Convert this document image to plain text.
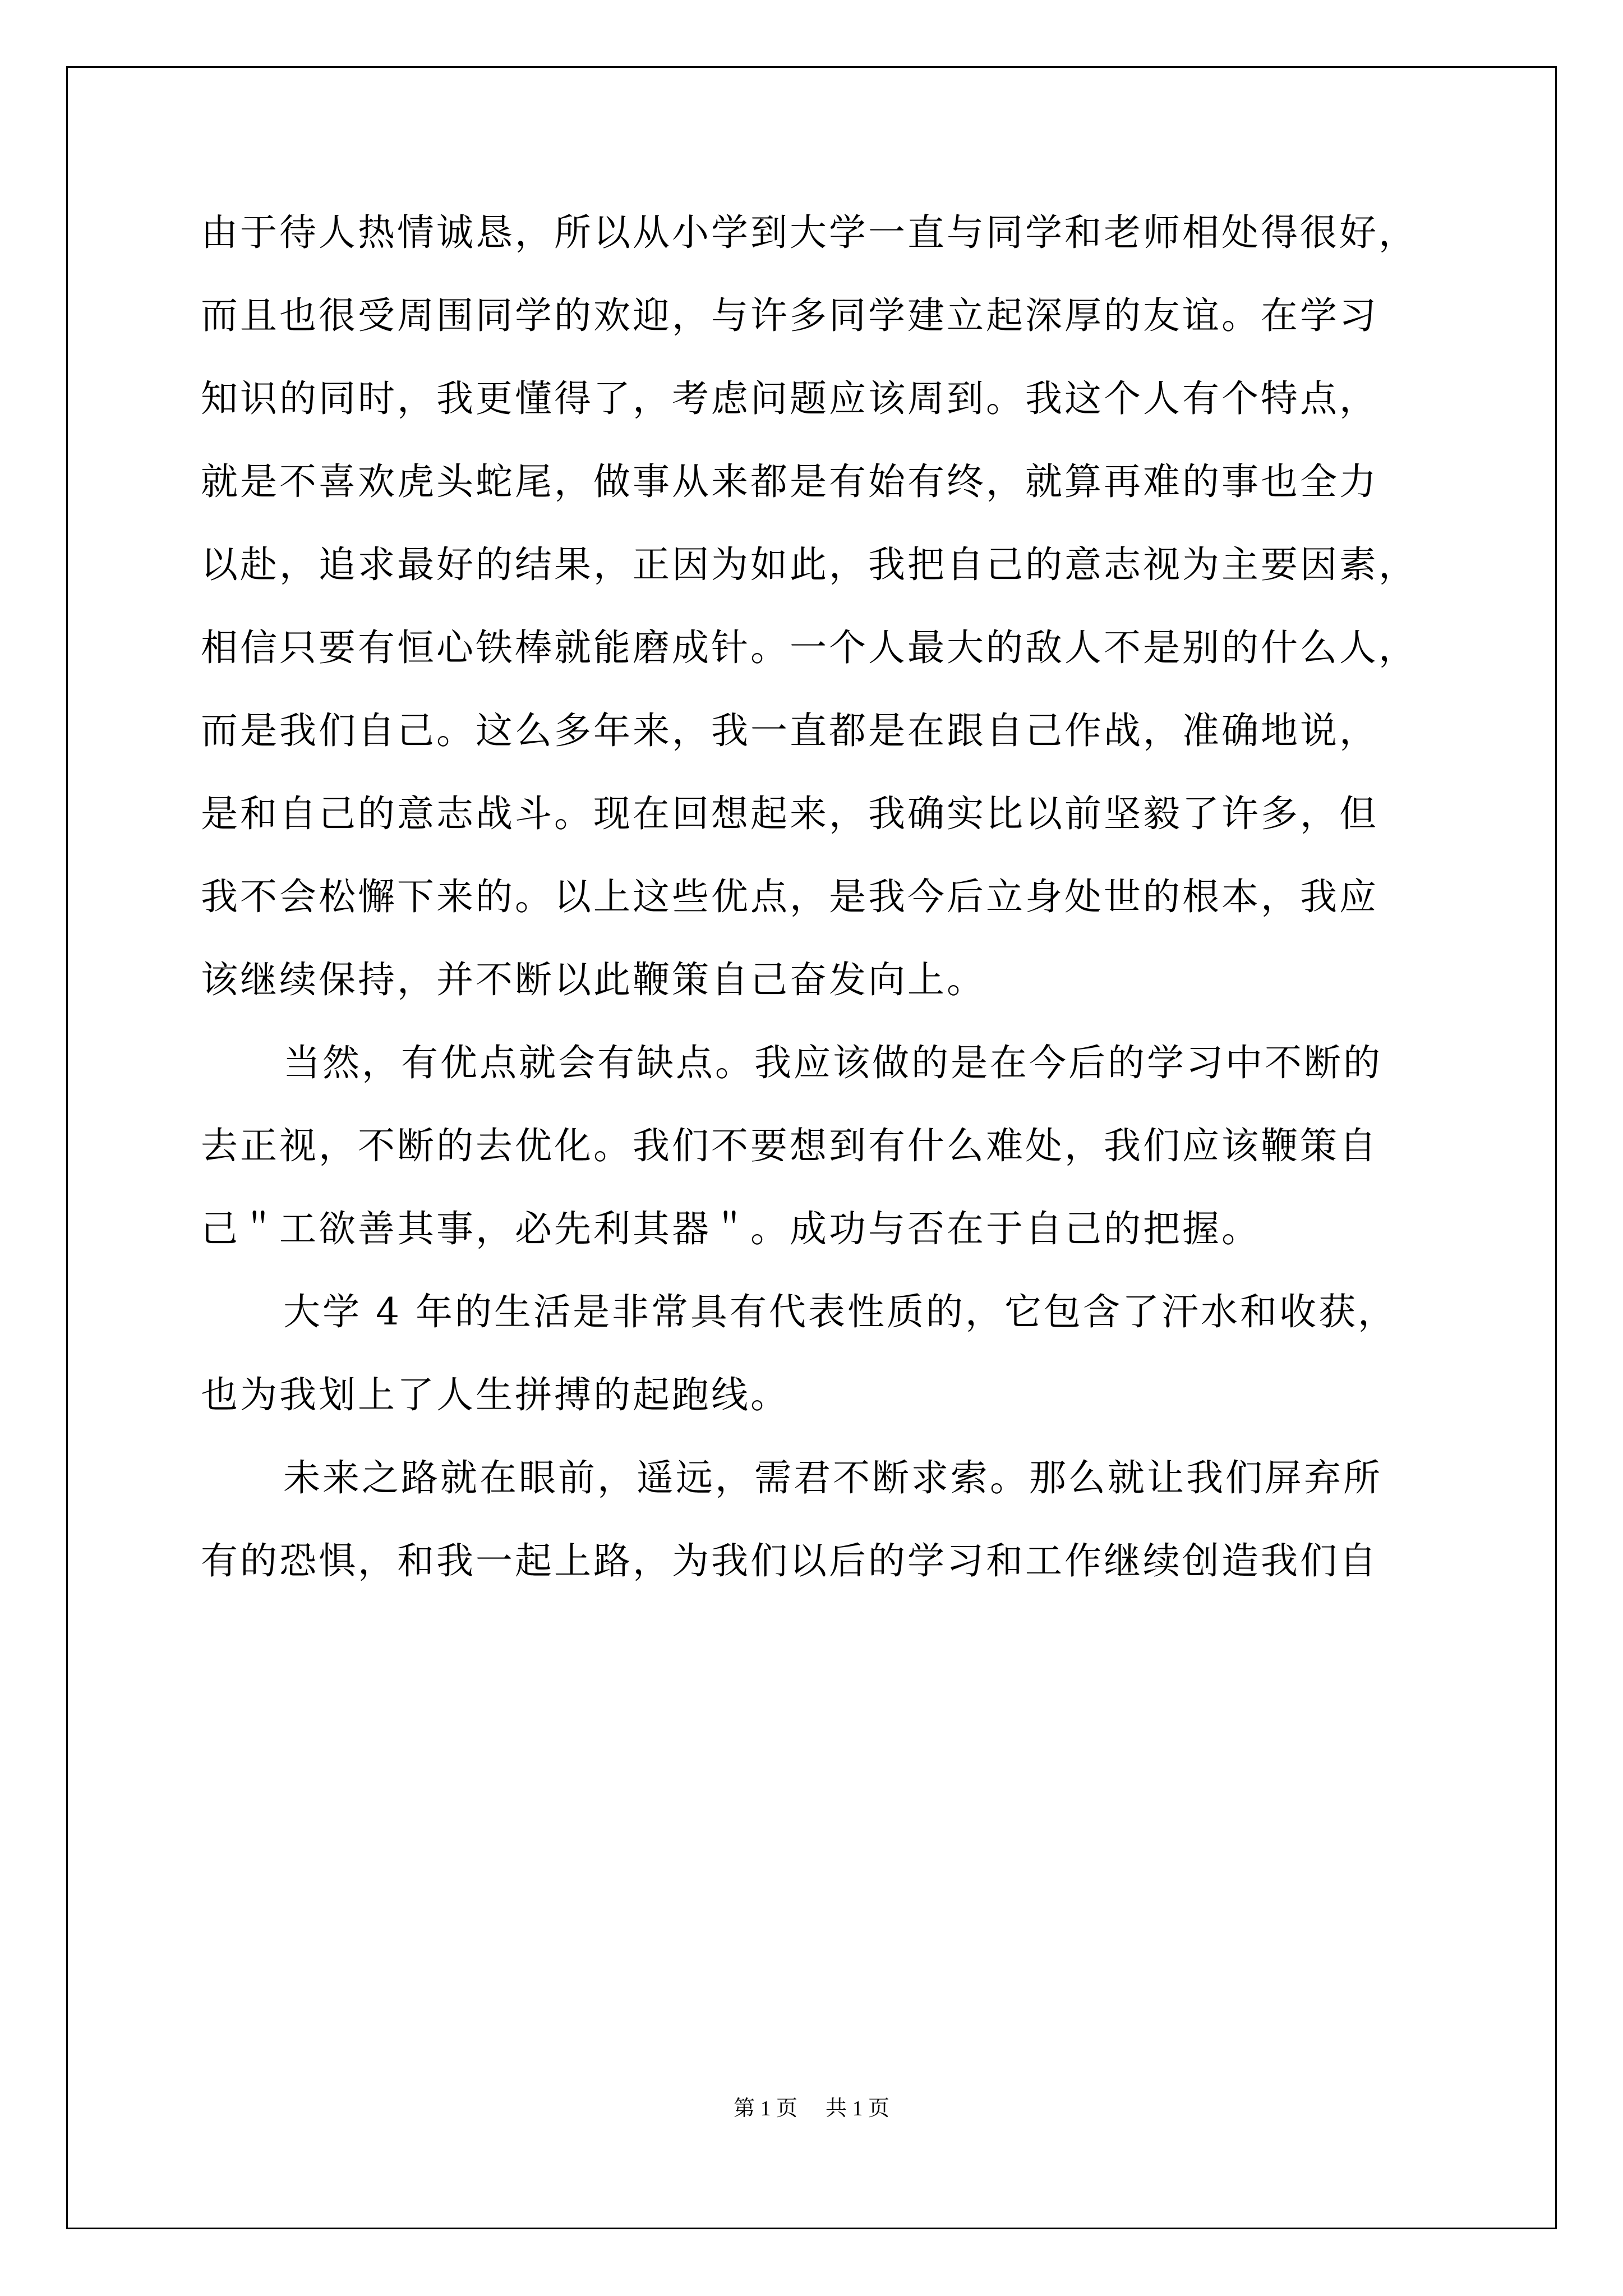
由于待人热情诚恳，所以从小学到大学一直与同学和老师相处得很好，
而且也很受周围同学的欢迎，与许多同学建立起深厚的友谊。在学习
知识的同时，我更懂得了，考虑问题应该周到。我这个人有个特点，
就是不喜欢虎头蛇尾，做事从来都是有始有终，就算再难的事也全力
以赴，追求最好的结果，正因为如此，我把自己的意志视为主要因素，
相信只要有恒心铁棒就能磨成针。一个人最大的敌人不是别的什么人，
而是我们自己。这么多年来，我一直都是在跟自己作战，准确地说，
是和自己的意志战斗。现在回想起来，我确实比以前坚毅了许多，但
我不会松懈下来的。以上这些优点，是我今后立身处世的根本，我应
该继续保持，并不断以此鞭策自己奋发向上。
当然，有优点就会有缺点。我应该做的是在今后的学习中不断的
去正视，不断的去优化。我们不要想到有什么难处，我们应该鞭策自
己＂工欲善其事，必先利其器＂。成功与否在于自己的把握。
大学 4 年的生活是非常具有代表性质的，它包含了汗水和收获，
也为我划上了人生拼搏的起跑线。
未来之路就在眼前，遥远，需君不断求索。那么就让我们屏弃所
有的恐惧，和我一起上路，为我们以后的学习和工作继续创造我们自
第 1 页 共 1 页
